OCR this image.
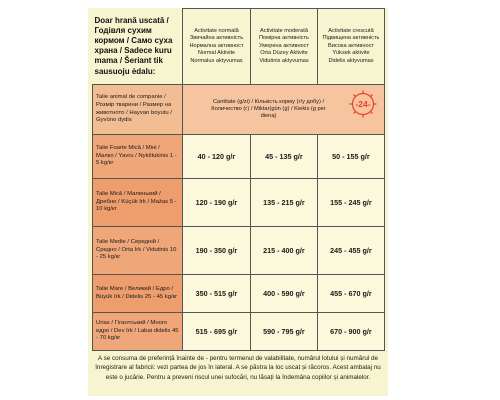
Doar hrană uscată / Годівля сухим кормом / Само суха храна / Sadece kuru mama / Šeriant tik sausuoju ėdalu:	Activitate normală
Звичайна активність
Нормална активност
Normal Aktivite
Normalus aktyvumas	Activitate moderată
Помірна активність
Умерена активност
Orta Düzey Aktivite
Vidutinis aktyvumas	Activitate crescută
Підвищена активність
Висока активност
Yüksek aktivite
Didelis aktyvumas
Talie animal de companie / Розмір тварини / Размер на животното / Hayvan boyutu / Gyvūno dydis	Cantitate (g/zi) / Кількість корму (г/у добу) / Количество (г) / Miktar(gün (g) / Kiekis (g per dieną)
-24-		

Talie Foarte Mică / Міні / Малко / Yavru / Nykštukinis 1 - 5 kg/кг	40 - 120 g/г	45 - 135 g/г	50 - 155 g/г
Talie Mică / Маленький / Дребно / Küçük Irk / Mažas 5 - 10 kg/кг	120 - 190 g/г	135 - 215 g/г	155 - 245 g/г
Talie Medie / Середній / Средно / Orta Irk / Vidutinis 10 - 25 kg/кг	190 - 350 g/г	215 - 400 g/г	245 - 455 g/г
Talie Mare / Великий / Едро / Büyük Irk / Didelis 25 - 45 kg/кг	350 - 515 g/г	400 - 590 g/г	455 - 670 g/г
Urias / Гігантський / Много едро / Dev Irk / Labai didelis 45 - 70 kg/кг	515 - 695 g/г	590 - 795 g/г	670 - 900 g/г
A se consuma de preferință înainte de - pentru termenul de valabilitate, numărul lotului și numărul de înregistrare al fabricii: vezi partea de jos în lateral. A se păstra la loc uscat și răcoros. Acest ambalaj nu este o jucărie. Pentru a preveni riscul unei sufocări, nu lăsați la îndemâna copiilor și animalelor.
